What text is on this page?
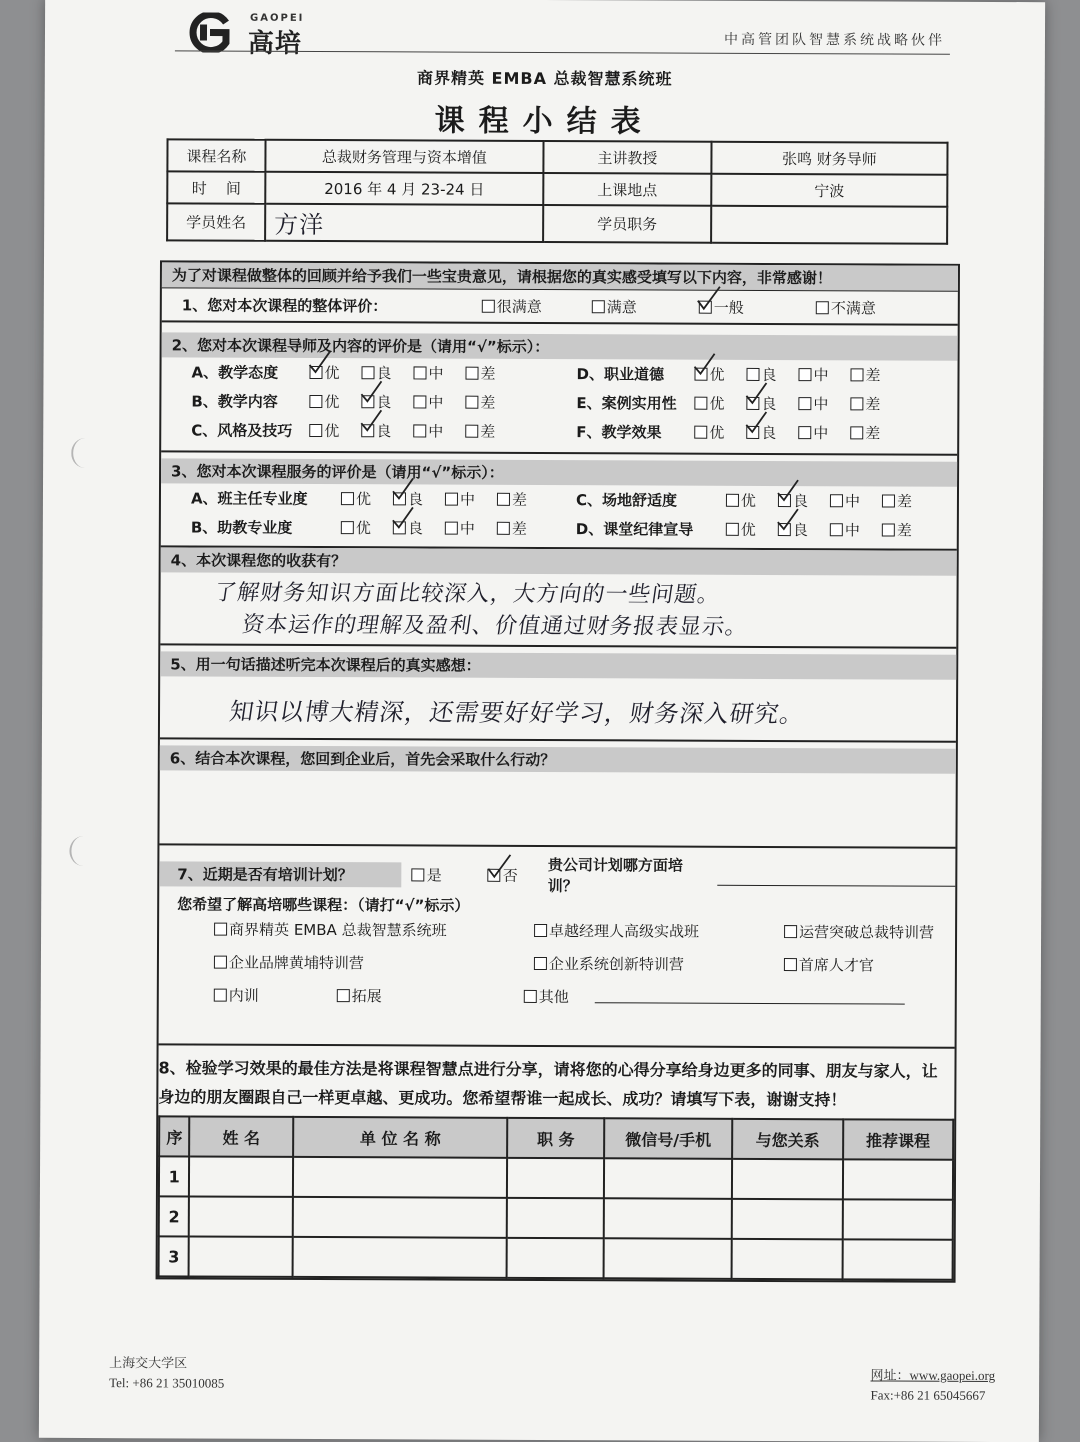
GAOPEI
高培	中高管团队智慧系统战略伙伴
商界精英 EMBA 总裁智慧系统班
课程小结表
课程名称	总裁财务管理与资本增值	主讲教授	张鸣 财务导师
时    间	2016 年 4 月 23-24 日	上课地点	宁波
学员姓名	方洋	学员职务	
为了对课程做整体的回顾并给予我们一些宝贵意见，请根据您的真实感受填写以下内容，非常感谢！
1、您对本次课程的整体评价：	很满意	满意	一般	不满意
2、您对本次课程导师及内容的评价是（请用“√”标示）：
A、教学态度	优 良 中 差	D、职业道德	优 良 中 差
B、教学内容	优 良 中 差	E、案例实用性	优 良 中 差
C、风格及技巧	优 良 中 差	F、教学效果	优 良 中 差
3、您对本次课程服务的评价是（请用“√”标示）：
A、班主任专业度	优 良 中 差	C、场地舒适度	优 良 中 差
B、助教专业度	优 良 中 差	D、课堂纪律宣导	优 良 中 差
4、本次课程您的收获有？
了解财务知识方面比较深入，大方向的一些问题。
资本运作的理解及盈利、价值通过财务报表显示。
5、用一句话描述听完本次课程后的真实感想：
知识以博大精深，还需要好好学习，财务深入研究。
6、结合本次课程，您回到企业后，首先会采取什么行动？
7、近期是否有培训计划？	是	否
贵公司计划哪方面培训？
您希望了解高培哪些课程：（请打“√”标示）
商界精英 EMBA 总裁智慧系统班	卓越经理人高级实战班	运营突破总裁特训营
企业品牌黄埔特训营	企业系统创新特训营	首席人才官
内训	拓展	其他
8、检验学习效果的最佳方法是将课程智慧点进行分享，请将您的心得分享给身边更多的同事、朋友与家人，让身边的朋友圈跟自己一样更卓越、更成功。您希望帮谁一起成长、成功？请填写下表，谢谢支持！
序	姓 名	单 位 名 称	职 务	微信号/手机	与您关系	推荐课程
1						
2						
3						
上海交大学区
Tel: +86 21 35010085	网址：www.gaopei.org
Fax:+86 21 65045667
